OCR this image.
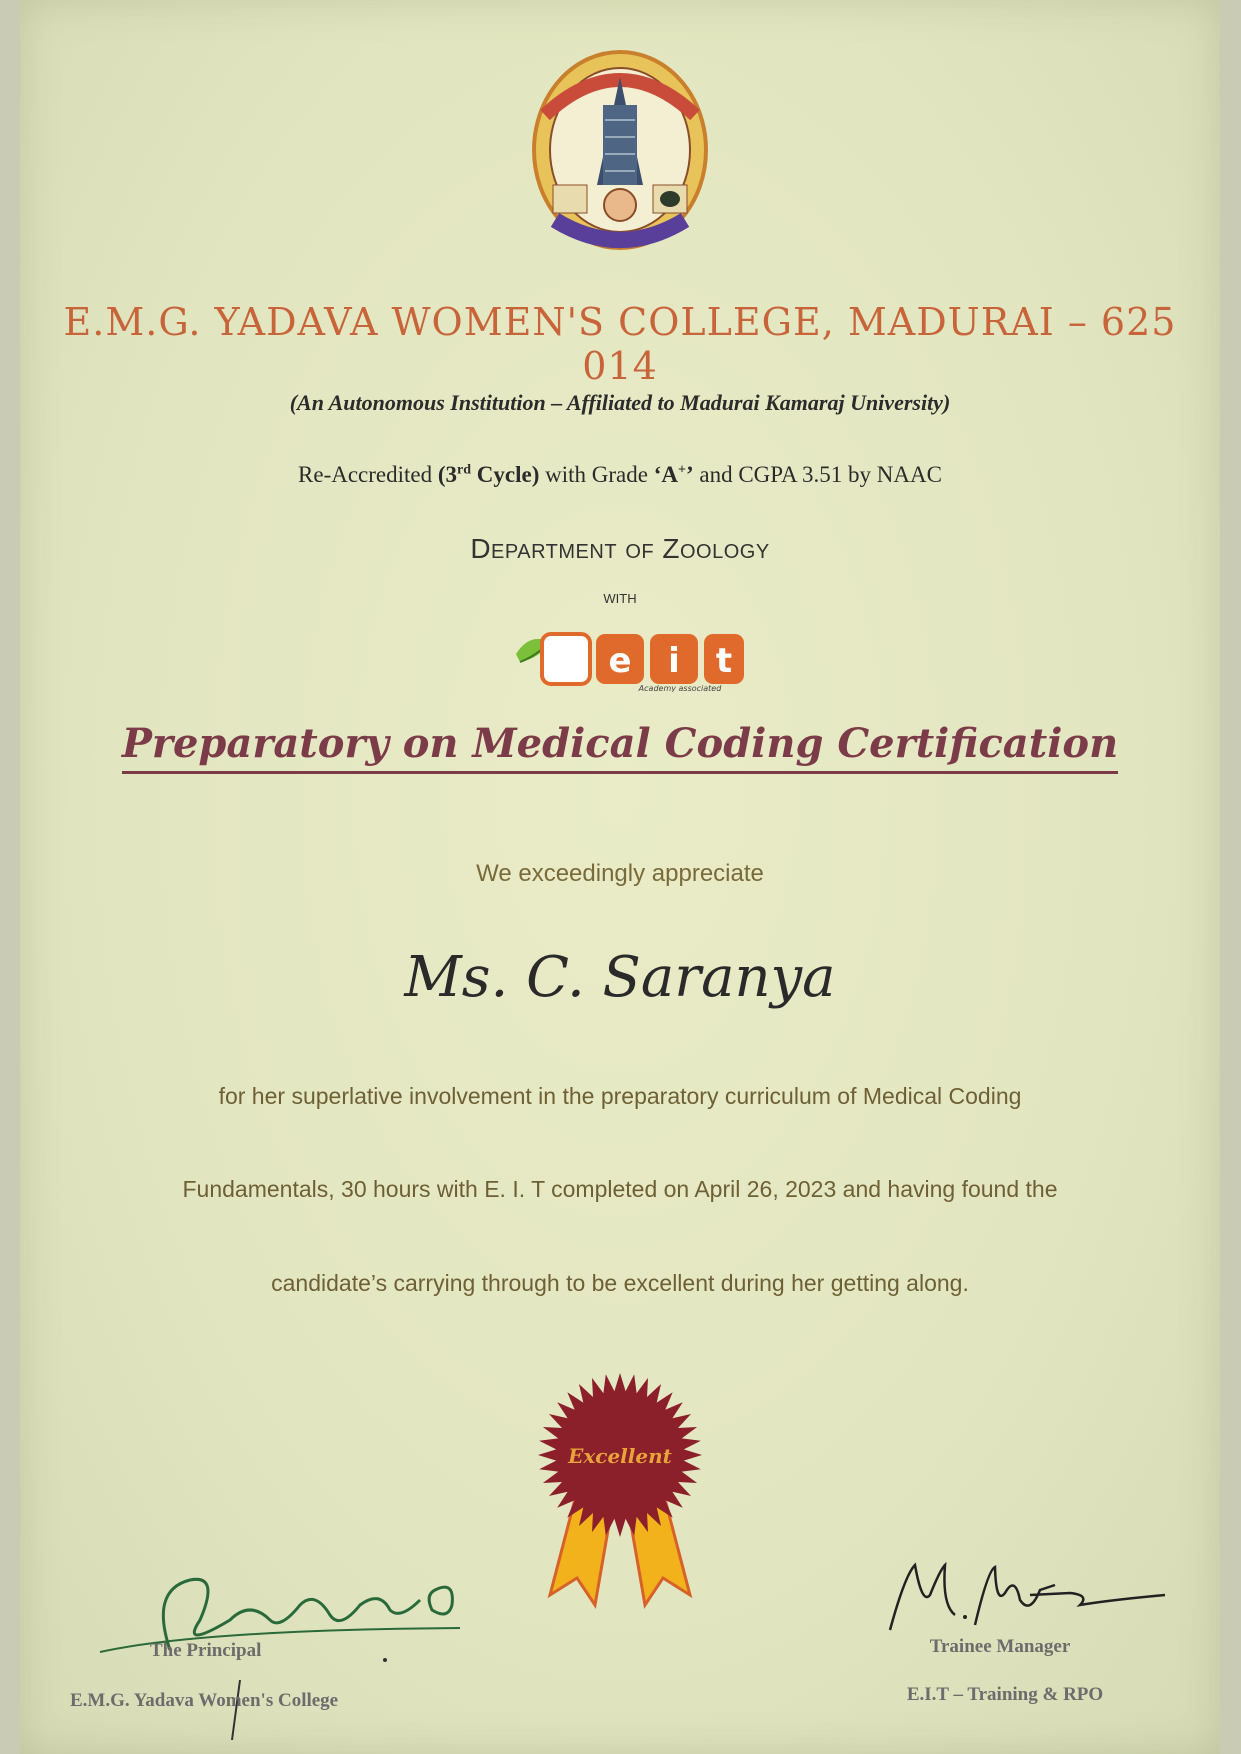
E.M.G. YADAVA WOMEN'S COLLEGE, MADURAI – 625 014
(An Autonomous Institution – Affiliated to Madurai Kamaraj University)
Re-Accredited (3rd Cycle) with Grade ‘A+’ and CGPA 3.51 by NAAC
Department of Zoology
with
e i t
Academy associated
Preparatory on Medical Coding Certification
We exceedingly appreciate
Ms. C. Saranya
for her superlative involvement in the preparatory curriculum of Medical Coding
Fundamentals, 30 hours with E. I. T completed on April 26, 2023 and having found the
candidate’s carrying through to be excellent during her getting along.
Excellent
The Principal
E.M.G. Yadava Women's College
Trainee Manager
E.I.T – Training & RPO
